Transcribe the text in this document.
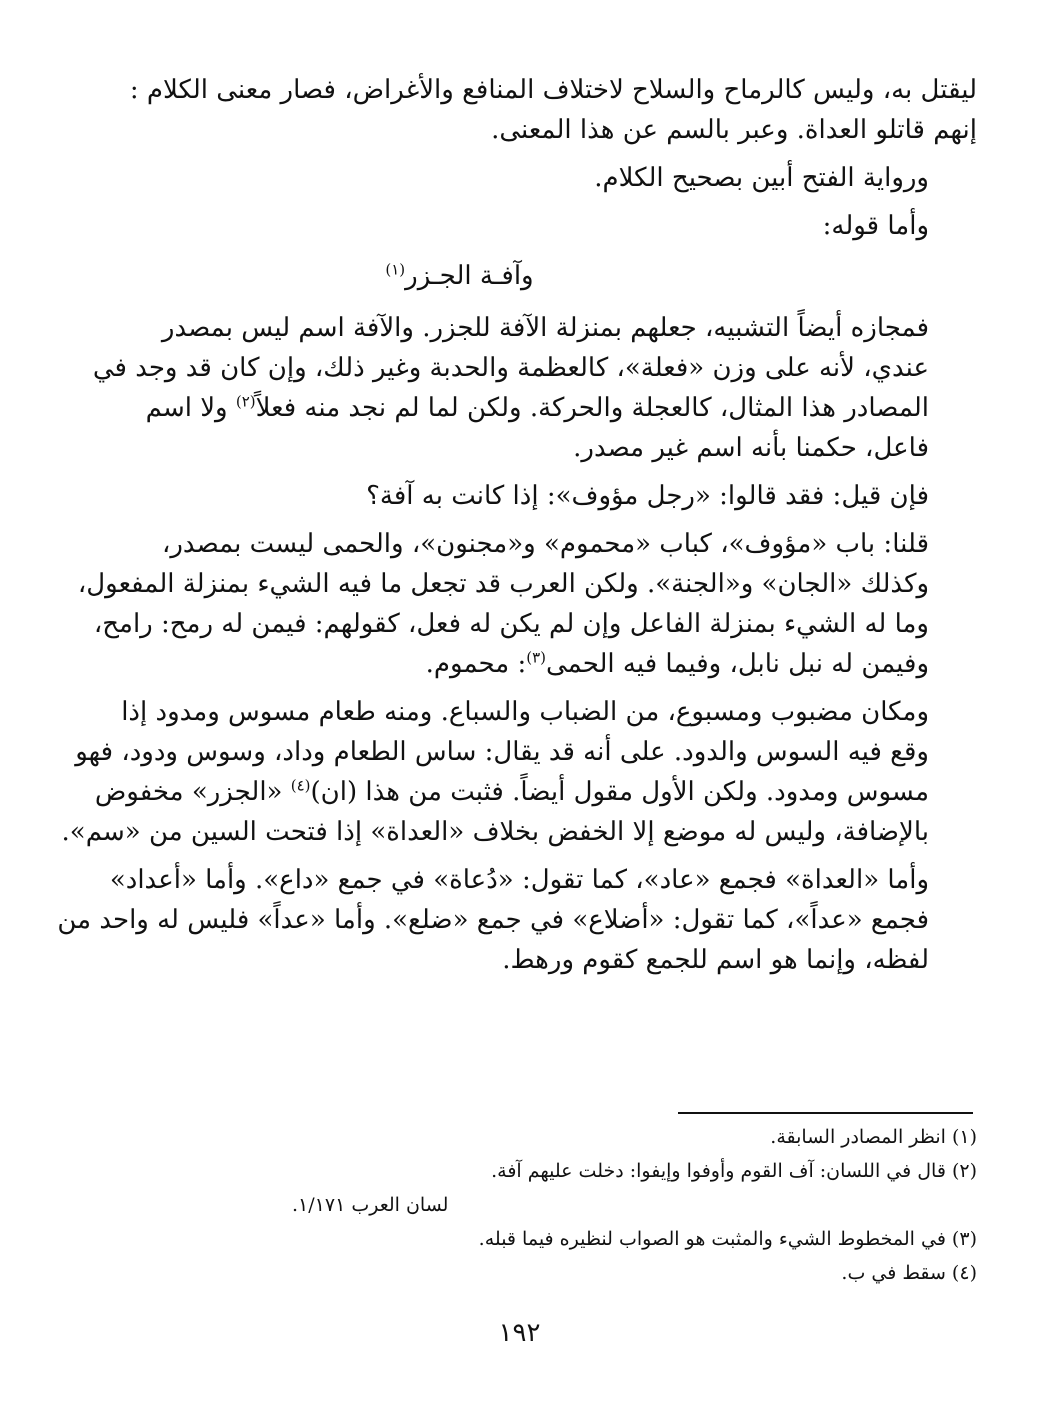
ليقتل به، وليس كالرماح والسلاح لاختلاف المنافع والأغراض، فصار معنى الكلام :
إنهم قاتلو العداة. وعبر بالسم عن هذا المعنى.

ورواية الفتح أبين بصحيح الكلام.

وأما قوله:

وآفـة الجـزر$^{(١)}$

فمجازه أيضاً التشبيه، جعلهم بمنزلة الآفة للجزر. والآفة اسم ليس بمصدر
عندي، لأنه على وزن «فعلة»، كالعظمة والحدبة وغير ذلك، وإن كان قد وجد في
المصادر هذا المثال، كالعجلة والحركة. ولكن لما لم نجد منه فعلاً$^{(٢)}$ ولا اسم
فاعل، حكمنا بأنه اسم غير مصدر.

فإن قيل: فقد قالوا: «رجل مؤوف»: إذا كانت به آفة؟

قلنا: باب «مؤوف»، كباب «محموم» و«مجنون»، والحمى ليست بمصدر،
وكذلك «الجان» و«الجنة». ولكن العرب قد تجعل ما فيه الشيء بمنزلة المفعول،
وما له الشيء بمنزلة الفاعل وإن لم يكن له فعل، كقولهم: فيمن له رمح: رامح،
وفيمن له نبل نابل، وفيما فيه الحمى$^{(٣)}$: محموم.

ومكان مضبوب ومسبوع، من الضباب والسباع. ومنه طعام مسوس ومدود إذا
وقع فيه السوس والدود. على أنه قد يقال: ساس الطعام وداد، وسوس ودود، فهو
مسوس ومدود. ولكن الأول مقول أيضاً. فثبت من هذا (ان)$^{(٤)}$ «الجزر» مخفوض
بالإضافة، وليس له موضع إلا الخفض بخلاف «العداة» إذا فتحت السين من «سم».

وأما «العداة» فجمع «عاد»، كما تقول: «دُعاة» في جمع «داع». وأما «أعداد»
فجمع «عداً»، كما تقول: «أضلاع» في جمع «ضلع». وأما «عداً» فليس له واحد من
لفظه، وإنما هو اسم للجمع كقوم ورهط.

(١) انظر المصادر السابقة.
(٢) قال في اللسان: آف القوم وأوفوا وإيفوا: دخلت عليهم آفة.
لسان العرب ١/١٧١.
(٣) في المخطوط الشيء والمثبت هو الصواب لنظيره فيما قبله.
(٤) سقط في ب.
١٩٢
